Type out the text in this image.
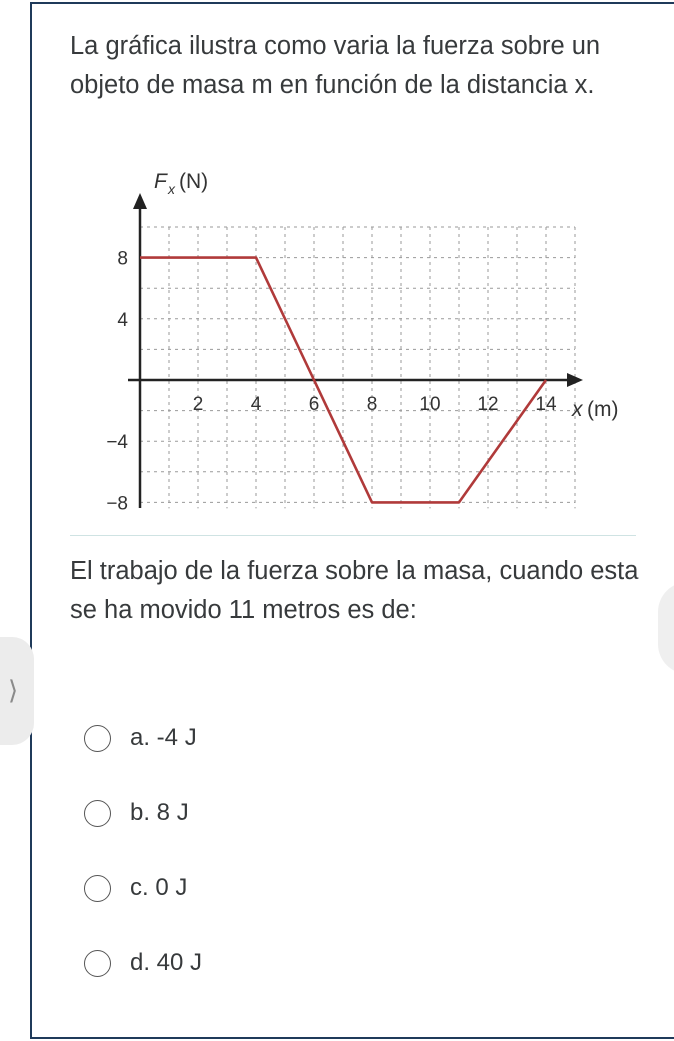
La gráfica ilustra como varia la fuerza sobre un objeto de masa m en función de la distancia x.

F x (N)
x (m)
2 4 6 8 10 12 14
8
4
−4
−8

El trabajo de la fuerza sobre la masa, cuando esta se ha movido 11 metros es de:

⟩
a. -4 J
b. 8 J
c. 0 J
d. 40 J
